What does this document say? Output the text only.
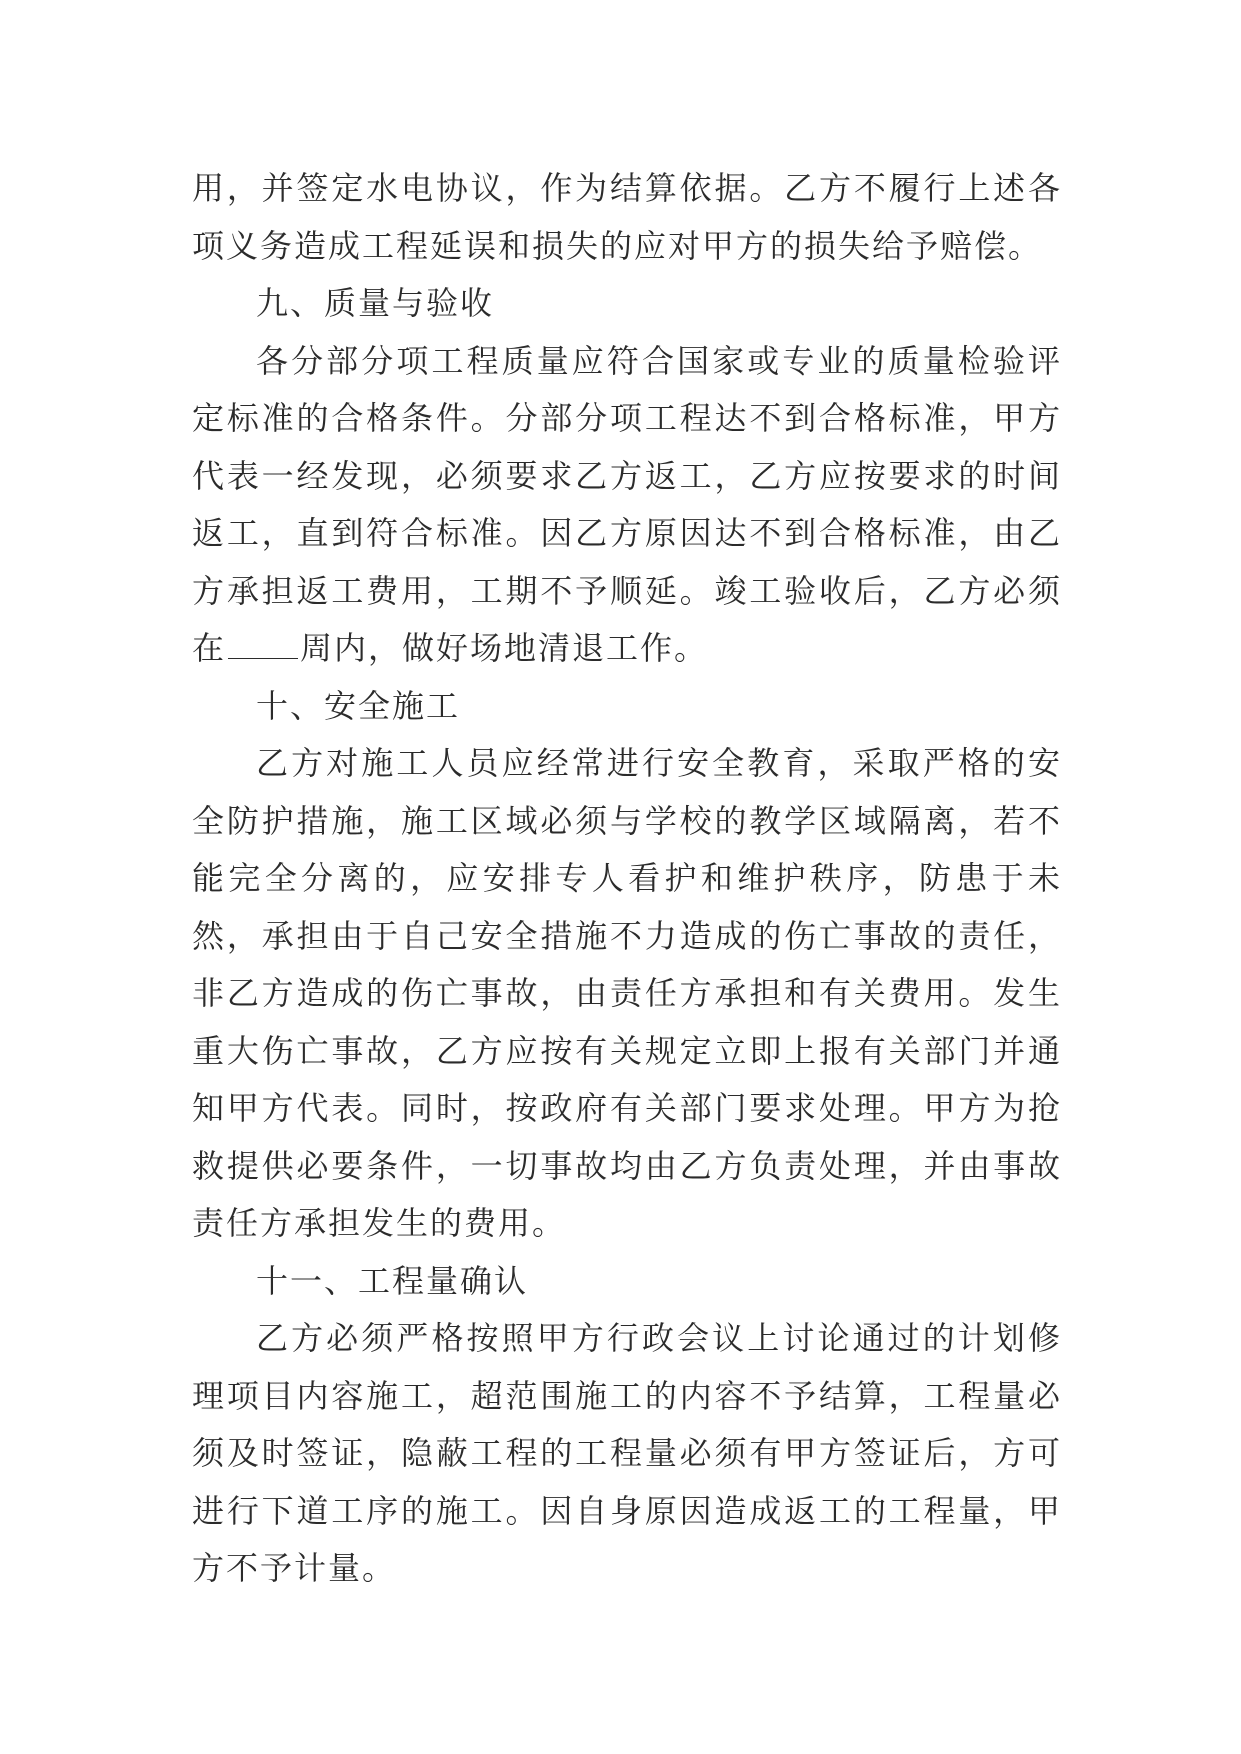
用，并签定水电协议，作为结算依据。乙方不履行上述各项义务造成工程延误和损失的应对甲方的损失给予赔偿。

九、质量与验收

各分部分项工程质量应符合国家或专业的质量检验评定标准的合格条件。分部分项工程达不到合格标准，甲方代表一经发现，必须要求乙方返工，乙方应按要求的时间返工，直到符合标准。因乙方原因达不到合格标准，由乙方承担返工费用，工期不予顺延。竣工验收后，乙方必须在 周内，做好场地清退工作。

十、安全施工

乙方对施工人员应经常进行安全教育，采取严格的安全防护措施，施工区域必须与学校的教学区域隔离，若不能完全分离的，应安排专人看护和维护秩序，防患于未然，承担由于自己安全措施不力造成的伤亡事故的责任，非乙方造成的伤亡事故，由责任方承担和有关费用。发生重大伤亡事故，乙方应按有关规定立即上报有关部门并通知甲方代表。同时，按政府有关部门要求处理。甲方为抢救提供必要条件，一切事故均由乙方负责处理，并由事故责任方承担发生的费用。

十一、工程量确认

乙方必须严格按照甲方行政会议上讨论通过的计划修理项目内容施工，超范围施工的内容不予结算，工程量必须及时签证，隐蔽工程的工程量必须有甲方签证后，方可进行下道工序的施工。因自身原因造成返工的工程量，甲方不予计量。
